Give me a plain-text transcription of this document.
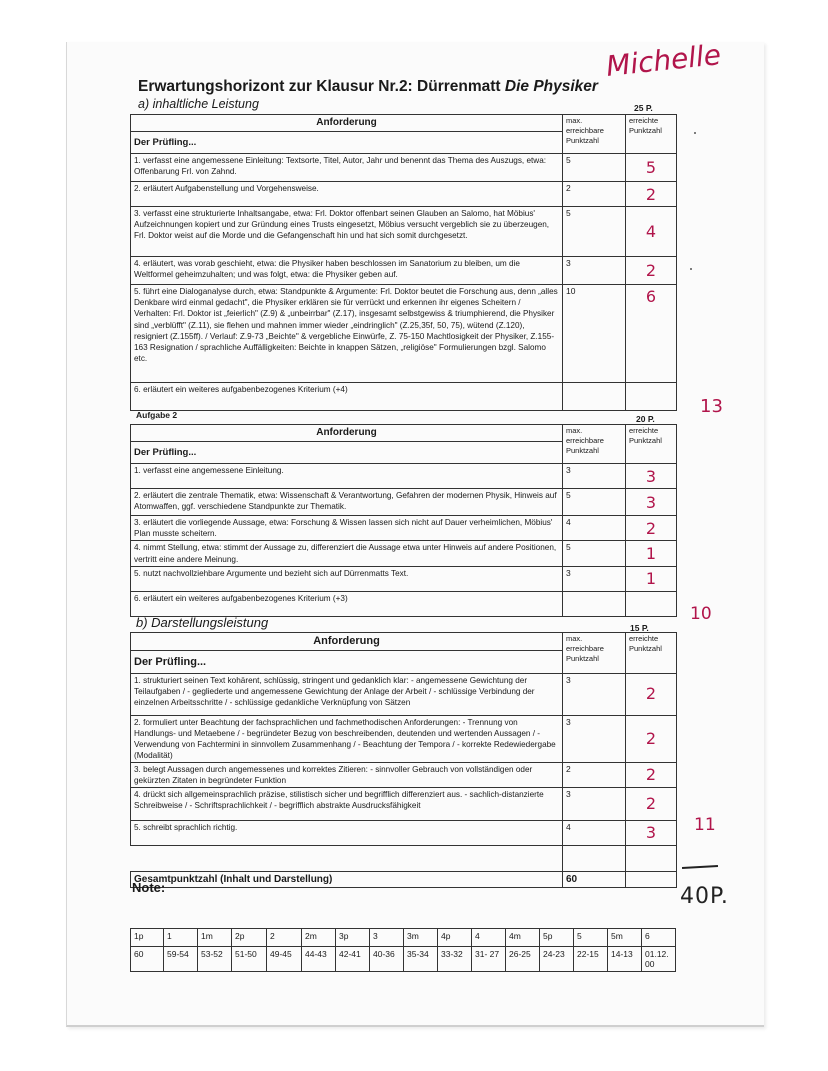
Michelle
Erwartungshorizont zur Klausur Nr.2: Dürrenmatt Die Physiker
a) inhaltliche Leistung	25 P.
Anforderung
Der Prüfling...	max. erreichbare Punktzahl	erreichte Punktzahl
1. verfasst eine angemessene Einleitung: Textsorte, Titel, Autor, Jahr und benennt das Thema des Auszugs, etwa: Offenbarung Frl. von Zahnd.	5	5
2. erläutert Aufgabenstellung und Vorgehensweise.	2	2
3. verfasst eine strukturierte Inhaltsangabe, etwa: Frl. Doktor offenbart seinen Glauben an Salomo, hat Möbius' Aufzeichnungen kopiert und zur Gründung eines Trusts eingesetzt, Möbius versucht vergeblich sie zu überzeugen, Frl. Doktor weist auf die Morde und die Gefangenschaft hin und hat sich somit durchgesetzt.	5	4
4. erläutert, was vorab geschieht, etwa: die Physiker haben beschlossen im Sanatorium zu bleiben, um die Weltformel geheimzuhalten; und was folgt, etwa: die Physiker geben auf.	3	2
5. führt eine Dialoganalyse durch, etwa: Standpunkte & Argumente: Frl. Doktor beutet die Forschung aus, denn „alles Denkbare wird einmal gedacht", die Physiker erklären sie für verrückt und erkennen ihr eigenes Scheitern / Verhalten: Frl. Doktor ist „feierlich" (Z.9) & „unbeirrbar" (Z.17), insgesamt selbstgewiss & triumphierend, die Physiker sind „verblüfft" (Z.11), sie flehen und mahnen immer wieder „eindringlich" (Z.25,35f, 50, 75), wütend (Z.120), resigniert (Z.155ff). / Verlauf: Z.9-73 „Beichte" & vergebliche Einwürfe, Z. 75-150 Machtlosigkeit der Physiker, Z.155-163 Resignation / sprachliche Auffälligkeiten: Beichte in knappen Sätzen, „religiöse" Formulierungen bzgl. Salomo etc.	10	6
6. erläutert ein weiteres aufgabenbezogenes Kriterium (+4)		
13
Aufgabe 2	20 P.
Anforderung
Der Prüfling...	max. erreichbare Punktzahl	erreichte Punktzahl
1. verfasst eine angemessene Einleitung.	3	3
2. erläutert die zentrale Thematik, etwa: Wissenschaft & Verantwortung, Gefahren der modernen Physik, Hinweis auf Atomwaffen, ggf. verschiedene Standpunkte zur Thematik.	5	3
3. erläutert die vorliegende Aussage, etwa: Forschung & Wissen lassen sich nicht auf Dauer verheimlichen, Möbius' Plan musste scheitern.	4	2
4. nimmt Stellung, etwa: stimmt der Aussage zu, differenziert die Aussage etwa unter Hinweis auf andere Positionen, vertritt eine andere Meinung.	5	1
5. nutzt nachvollziehbare Argumente und bezieht sich auf Dürrenmatts Text.	3	1
6. erläutert ein weiteres aufgabenbezogenes Kriterium (+3)		
10
b) Darstellungsleistung	15 P.
Anforderung
Der Prüfling...	max. erreichbare Punktzahl	erreichte Punktzahl
1. strukturiert seinen Text kohärent, schlüssig, stringent und gedanklich klar: - angemessene Gewichtung der Teilaufgaben / - gegliederte und angemessene Gewichtung der Anlage der Arbeit / - schlüssige Verbindung der einzelnen Arbeitsschritte / - schlüssige gedankliche Verknüpfung von Sätzen	3	2
2. formuliert unter Beachtung der fachsprachlichen und fachmethodischen Anforderungen: - Trennung von Handlungs- und Metaebene / - begründeter Bezug von beschreibenden, deutenden und wertenden Aussagen / - Verwendung von Fachtermini in sinnvollem Zusammenhang / - Beachtung der Tempora / - korrekte Redewiedergabe (Modalität)	3	2
3. belegt Aussagen durch angemessenes und korrektes Zitieren: - sinnvoller Gebrauch von vollständigen oder gekürzten Zitaten in begründeter Funktion	2	2
4. drückt sich allgemeinsprachlich präzise, stilistisch sicher und begrifflich differenziert aus. - sachlich-distanzierte Schreibweise / - Schriftsprachlichkeit / - begrifflich abstrakte Ausdrucksfähigkeit	3	2
5. schreibt sprachlich richtig.	4	3

Gesamtpunktzahl (Inhalt und Darstellung)	60	
11
40P.
Note:
1p	1	1m	2p	2	2m	3p	3	3m	4p	4	4m	5p	5	5m	6
60	59-54	53-52	51-50	49-45	44-43	42-41	40-36	35-34	33-32	31- 27	26-25	24-23	22-15	14-13	01.12. 00
